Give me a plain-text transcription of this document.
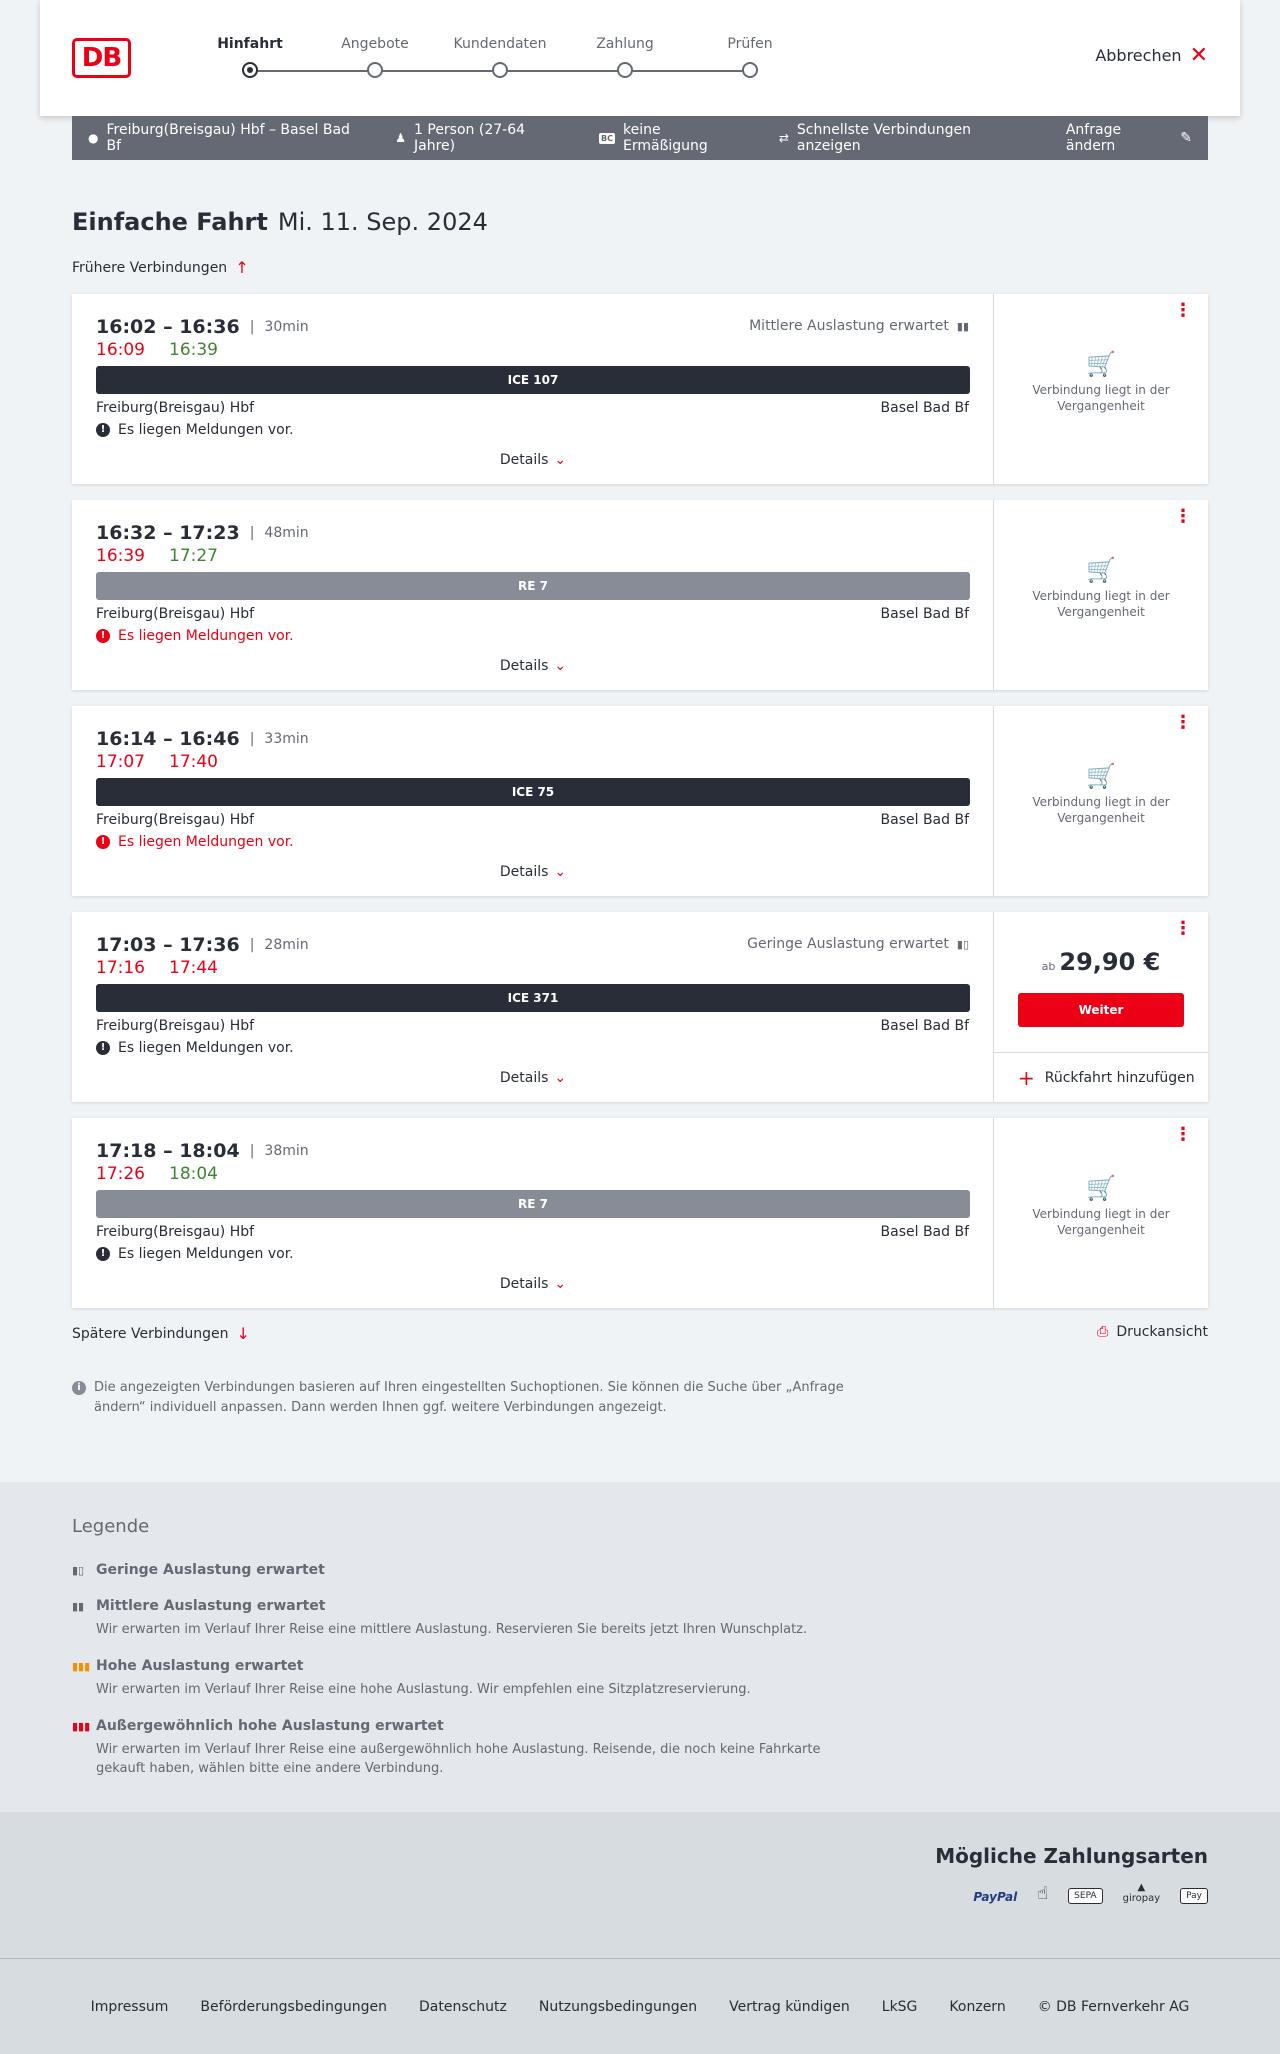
DB	Hinfahrt	Angebote	Kundendaten	Zahlung	Prüfen
Abbrechen ✕
● Freiburg(Breisgau) Hbf – Basel Bad Bf	♟ 1 Person (27-64 Jahre)	BC keine Ermäßigung	⇄ Schnellste Verbindungen anzeigen
Anfrage ändern	✎
Einfache Fahrt Mi. 11. Sep. 2024
Frühere Verbindungen ↑
16:02 – 16:36 | 30min
16:09 16:39
Mittlere Auslastung erwartet ▮▮
ICE 107
Freiburg(Breisgau) Hbf	Basel Bad Bf
! Es liegen Meldungen vor.
Details ⌄
⋮
🛒
Verbindung liegt in der Vergangenheit
16:32 – 17:23 | 48min
16:39 17:27
RE 7
Freiburg(Breisgau) Hbf	Basel Bad Bf
! Es liegen Meldungen vor.
Details ⌄
⋮
🛒
Verbindung liegt in der Vergangenheit
16:14 – 16:46 | 33min
17:07 17:40
ICE 75
Freiburg(Breisgau) Hbf	Basel Bad Bf
! Es liegen Meldungen vor.
Details ⌄
⋮
🛒
Verbindung liegt in der Vergangenheit
17:03 – 17:36 | 28min
17:16 17:44
Geringe Auslastung erwartet ▮▯
ICE 371
Freiburg(Breisgau) Hbf	Basel Bad Bf
! Es liegen Meldungen vor.
Details ⌄
⋮
ab 29,90 €
Weiter
+ Rückfahrt hinzufügen
17:18 – 18:04 | 38min
17:26 18:04
RE 7
Freiburg(Breisgau) Hbf	Basel Bad Bf
! Es liegen Meldungen vor.
Details ⌄
⋮
🛒
Verbindung liegt in der Vergangenheit
Spätere Verbindungen ↓	⎙ Druckansicht
i	Die angezeigten Verbindungen basieren auf Ihren eingestellten Suchoptionen. Sie können die Suche über „Anfrage ändern“ individuell anpassen. Dann werden Ihnen ggf. weitere Verbindungen angezeigt.
Legende
▮▯ Geringe Auslastung erwartet
▮▮ Mittlere Auslastung erwartet
Wir erwarten im Verlauf Ihrer Reise eine mittlere Auslastung. Reservieren Sie bereits jetzt Ihren Wunschplatz.
▮▮▮ Hohe Auslastung erwartet
Wir erwarten im Verlauf Ihrer Reise eine hohe Auslastung. Wir empfehlen eine Sitzplatzreservierung.
▮▮▮ Außergewöhnlich hohe Auslastung erwartet
Wir erwarten im Verlauf Ihrer Reise eine außergewöhnlich hohe Auslastung. Reisende, die noch keine Fahrkarte gekauft haben, wählen bitte eine andere Verbindung.
Mögliche Zahlungsarten
PayPal ☝	SEPA
▲
giropay	Pay
Impressum Beförderungsbedingungen Datenschutz Nutzungsbedingungen Vertrag kündigen LkSG Konzern © DB Fernverkehr AG
